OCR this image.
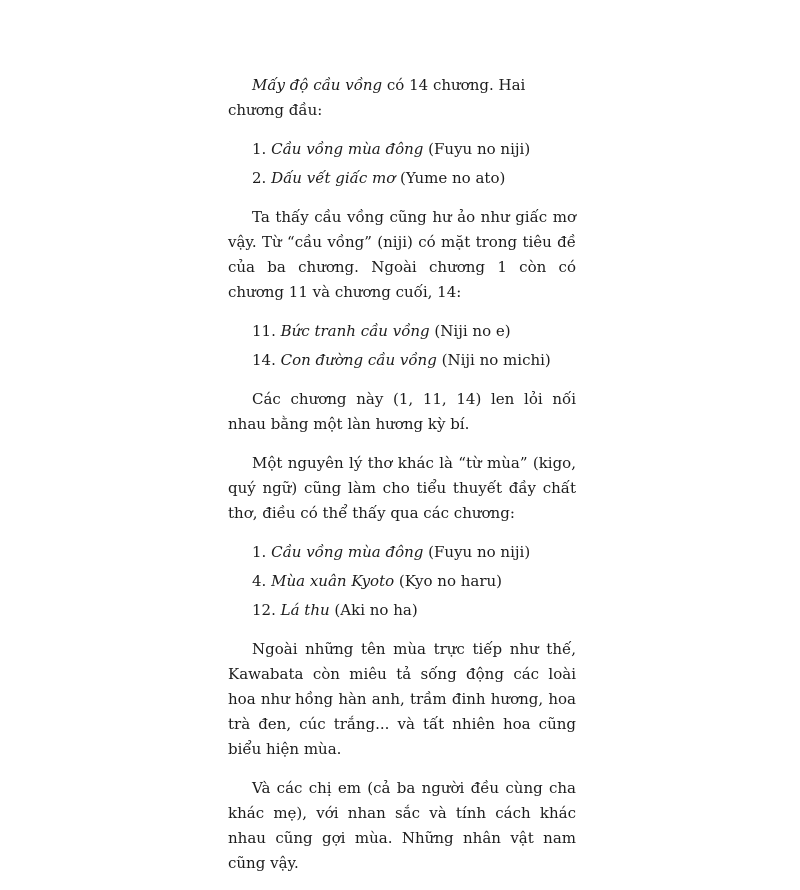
Mấy độ cầu vồng có 14 chương. Hai chương đầu:

1. Cầu vồng mùa đông (Fuyu no niji)
2. Dấu vết giấc mơ (Yume no ato)

Ta thấy cầu vồng cũng hư ảo như giấc mơ vậy. Từ “cầu vồng” (niji) có mặt trong tiêu đề của ba chương. Ngoài chương 1 còn có chương 11 và chương cuối, 14:

11. Bức tranh cầu vồng (Niji no e)
14. Con đường cầu vồng (Niji no michi)

Các chương này (1, 11, 14) len lỏi nối nhau bằng một làn hương kỳ bí.

Một nguyên lý thơ khác là “từ mùa” (kigo, quý ngữ) cũng làm cho tiểu thuyết đầy chất thơ, điều có thể thấy qua các chương:

1. Cầu vồng mùa đông (Fuyu no niji)
4. Mùa xuân Kyoto (Kyo no haru)
12. Lá thu (Aki no ha)

Ngoài những tên mùa trực tiếp như thế, Kawabata còn miêu tả sống động các loài hoa như hồng hàn anh, trầm đinh hương, hoa trà đen, cúc trắng... và tất nhiên hoa cũng biểu hiện mùa.

Và các chị em (cả ba người đều cùng cha khác mẹ), với nhan sắc và tính cách khác nhau cũng gợi mùa. Những nhân vật nam cũng vậy.
